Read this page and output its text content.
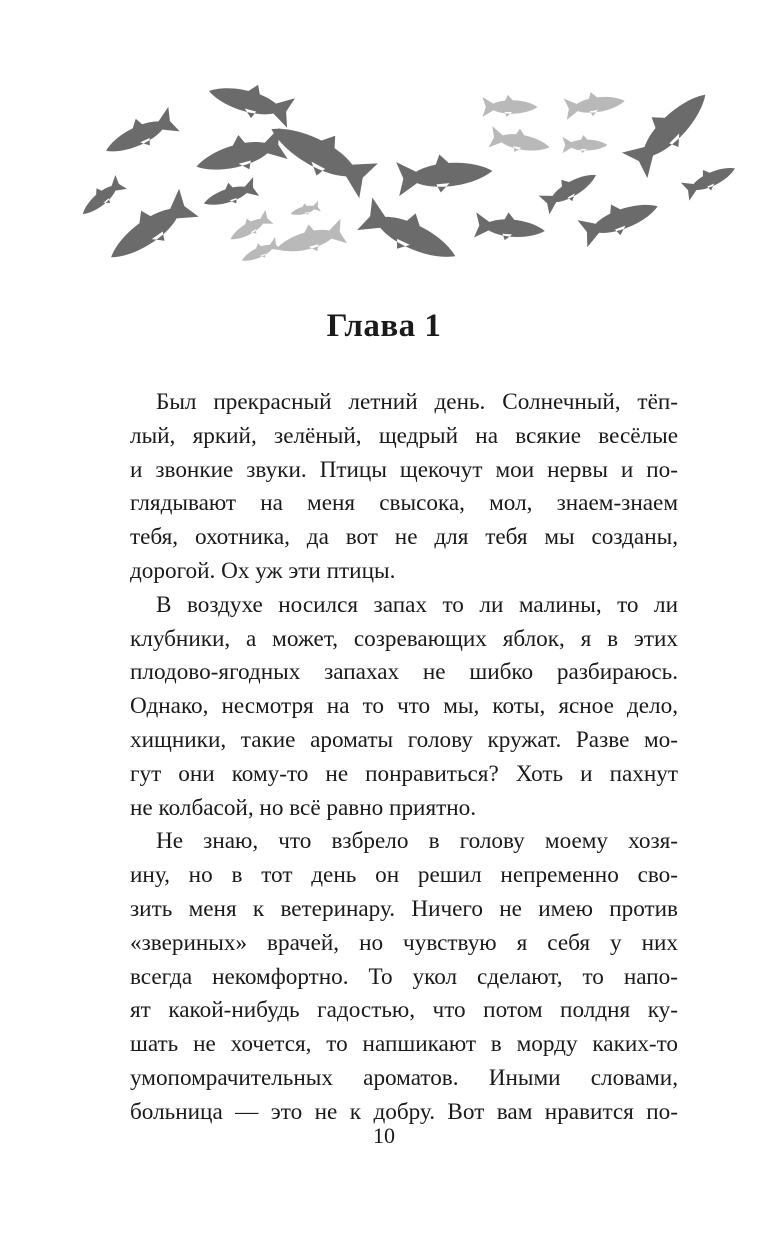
Глава 1
Был прекрасный летний день. Солнечный, тёп-
лый, яркий, зелёный, щедрый на всякие весёлые
и звонкие звуки. Птицы щекочут мои нервы и по-
глядывают на меня свысока, мол, знаем-знаем
тебя, охотника, да вот не для тебя мы созданы,
дорогой. Ох уж эти птицы.
В воздухе носился запах то ли малины, то ли
клубники, а может, созревающих яблок, я в этих
плодово-ягодных запахах не шибко разбираюсь.
Однако, несмотря на то что мы, коты, ясное дело,
хищники, такие ароматы голову кружат. Разве мо-
гут они кому-то не понравиться? Хоть и пахнут
не колбасой, но всё равно приятно.
Не знаю, что взбрело в голову моему хозя-
ину, но в тот день он решил непременно сво-
зить меня к ветеринару. Ничего не имею против
«звериных» врачей, но чувствую я себя у них
всегда некомфортно. То укол сделают, то напо-
ят какой-нибудь гадостью, что потом полдня ку-
шать не хочется, то напшикают в морду каких-то
умопомрачительных ароматов. Иными словами,
больница — это не к добру. Вот вам нравится по-
10
